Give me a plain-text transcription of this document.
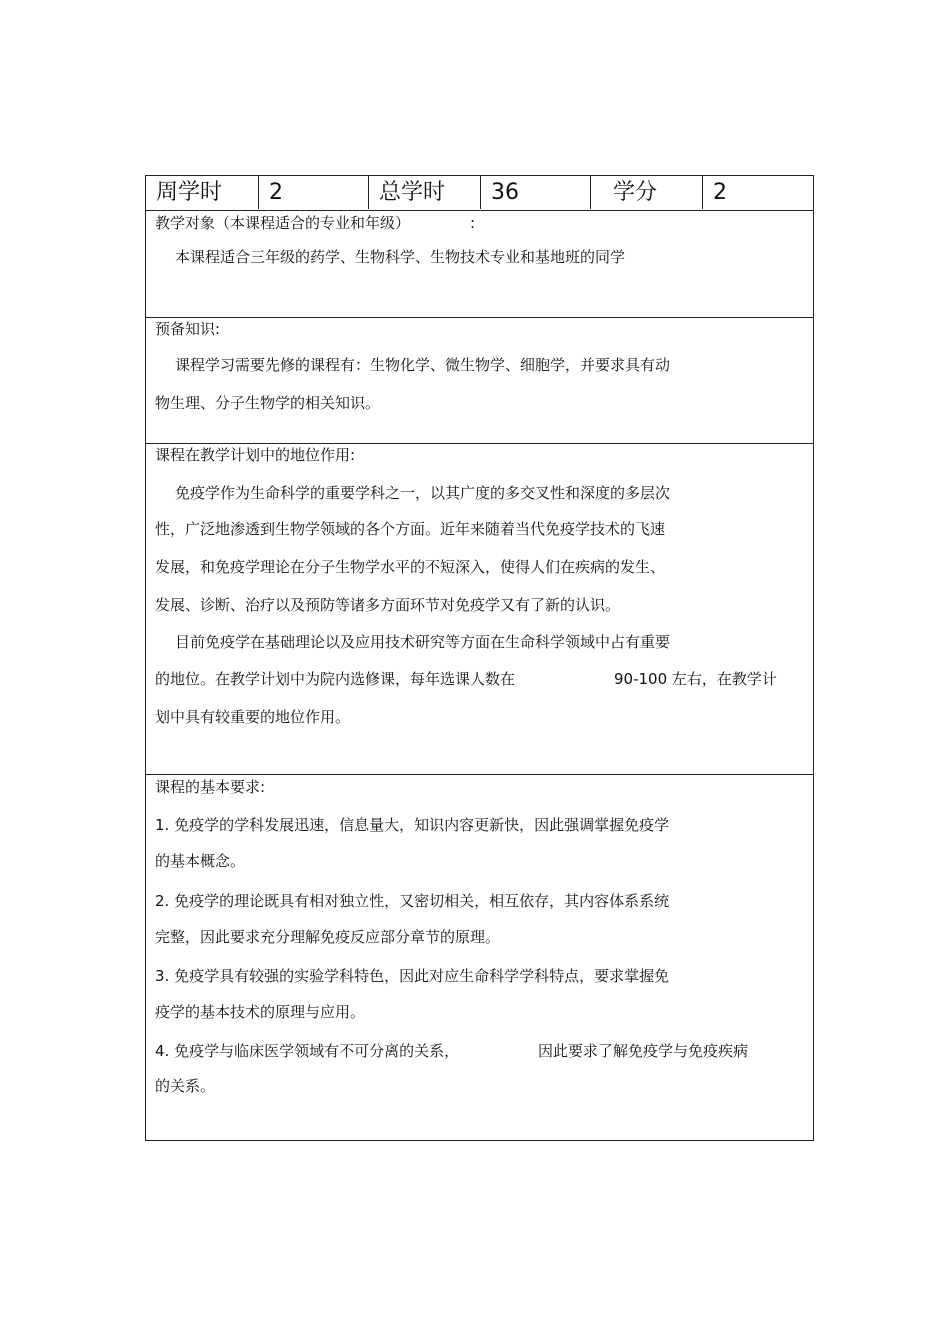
周学时	2	总学时	36	学分	2
教学对象（本课程适合的专业和年级）	:
本课程适合三年级的药学、生物科学、生物技术专业和基地班的同学
预备知识:
课程学习需要先修的课程有：生物化学、微生物学、细胞学，并要求具有动
物生理、分子生物学的相关知识。
课程在教学计划中的地位作用:
免疫学作为生命科学的重要学科之一，以其广度的多交叉性和深度的多层次
性，广泛地渗透到生物学领域的各个方面。近年来随着当代免疫学技术的飞速
发展，和免疫学理论在分子生物学水平的不短深入，使得人们在疾病的发生、
发展、诊断、治疗以及预防等诸多方面环节对免疫学又有了新的认识。
目前免疫学在基础理论以及应用技术研究等方面在生命科学领域中占有重要
的地位。在教学计划中为院内选修课，每年选课人数在	90-100 左右，在教学计
划中具有较重要的地位作用。
课程的基本要求:
1. 免疫学的学科发展迅速，信息量大，知识内容更新快，因此强调掌握免疫学
的基本概念。
2. 免疫学的理论既具有相对独立性，又密切相关，相互依存，其内容体系系统
完整，因此要求充分理解免疫反应部分章节的原理。
3. 免疫学具有较强的实验学科特色，因此对应生命科学学科特点，要求掌握免
疫学的基本技术的原理与应用。
4. 免疫学与临床医学领域有不可分离的关系，	因此要求了解免疫学与免疫疾病
的关系。
